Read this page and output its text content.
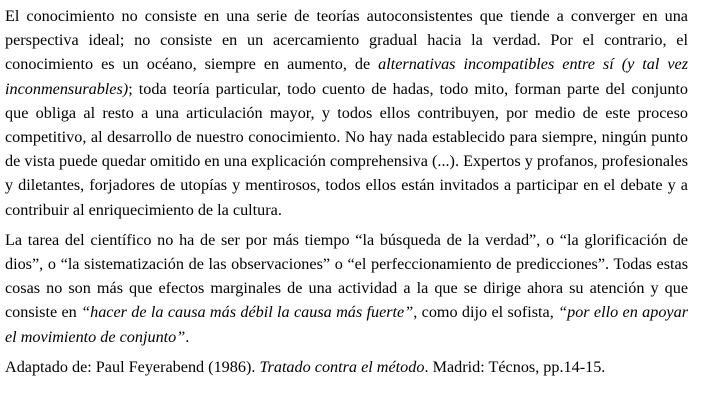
El conocimiento no consiste en una serie de teorías autoconsistentes que tiende a converger en una perspectiva ideal; no consiste en un acercamiento gradual hacia la verdad. Por el contrario, el conocimiento es un océano, siempre en aumento, de alternativas incompatibles entre sí (y tal vez inconmensurables); toda teoría particular, todo cuento de hadas, todo mito, forman parte del conjunto que obliga al resto a una articulación mayor, y todos ellos contribuyen, por medio de este proceso competitivo, al desarrollo de nuestro conocimiento. No hay nada establecido para siempre, ningún punto de vista puede quedar omitido en una explicación comprehensiva (...). Expertos y profanos, profesionales y diletantes, forjadores de utopías y mentirosos, todos ellos están invitados a participar en el debate y a contribuir al enriquecimiento de la cultura.

La tarea del científico no ha de ser por más tiempo “la búsqueda de la verdad”, o “la glorificación de dios”, o “la sistematización de las observaciones” o “el perfeccionamiento de predicciones”. Todas estas cosas no son más que efectos marginales de una actividad a la que se dirige ahora su atención y que consiste en “hacer de la causa más débil la causa más fuerte”, como dijo el sofista, “por ello en apoyar el movimiento de conjunto”.

Adaptado de: Paul Feyerabend (1986). Tratado contra el método. Madrid: Técnos, pp.14-15.
